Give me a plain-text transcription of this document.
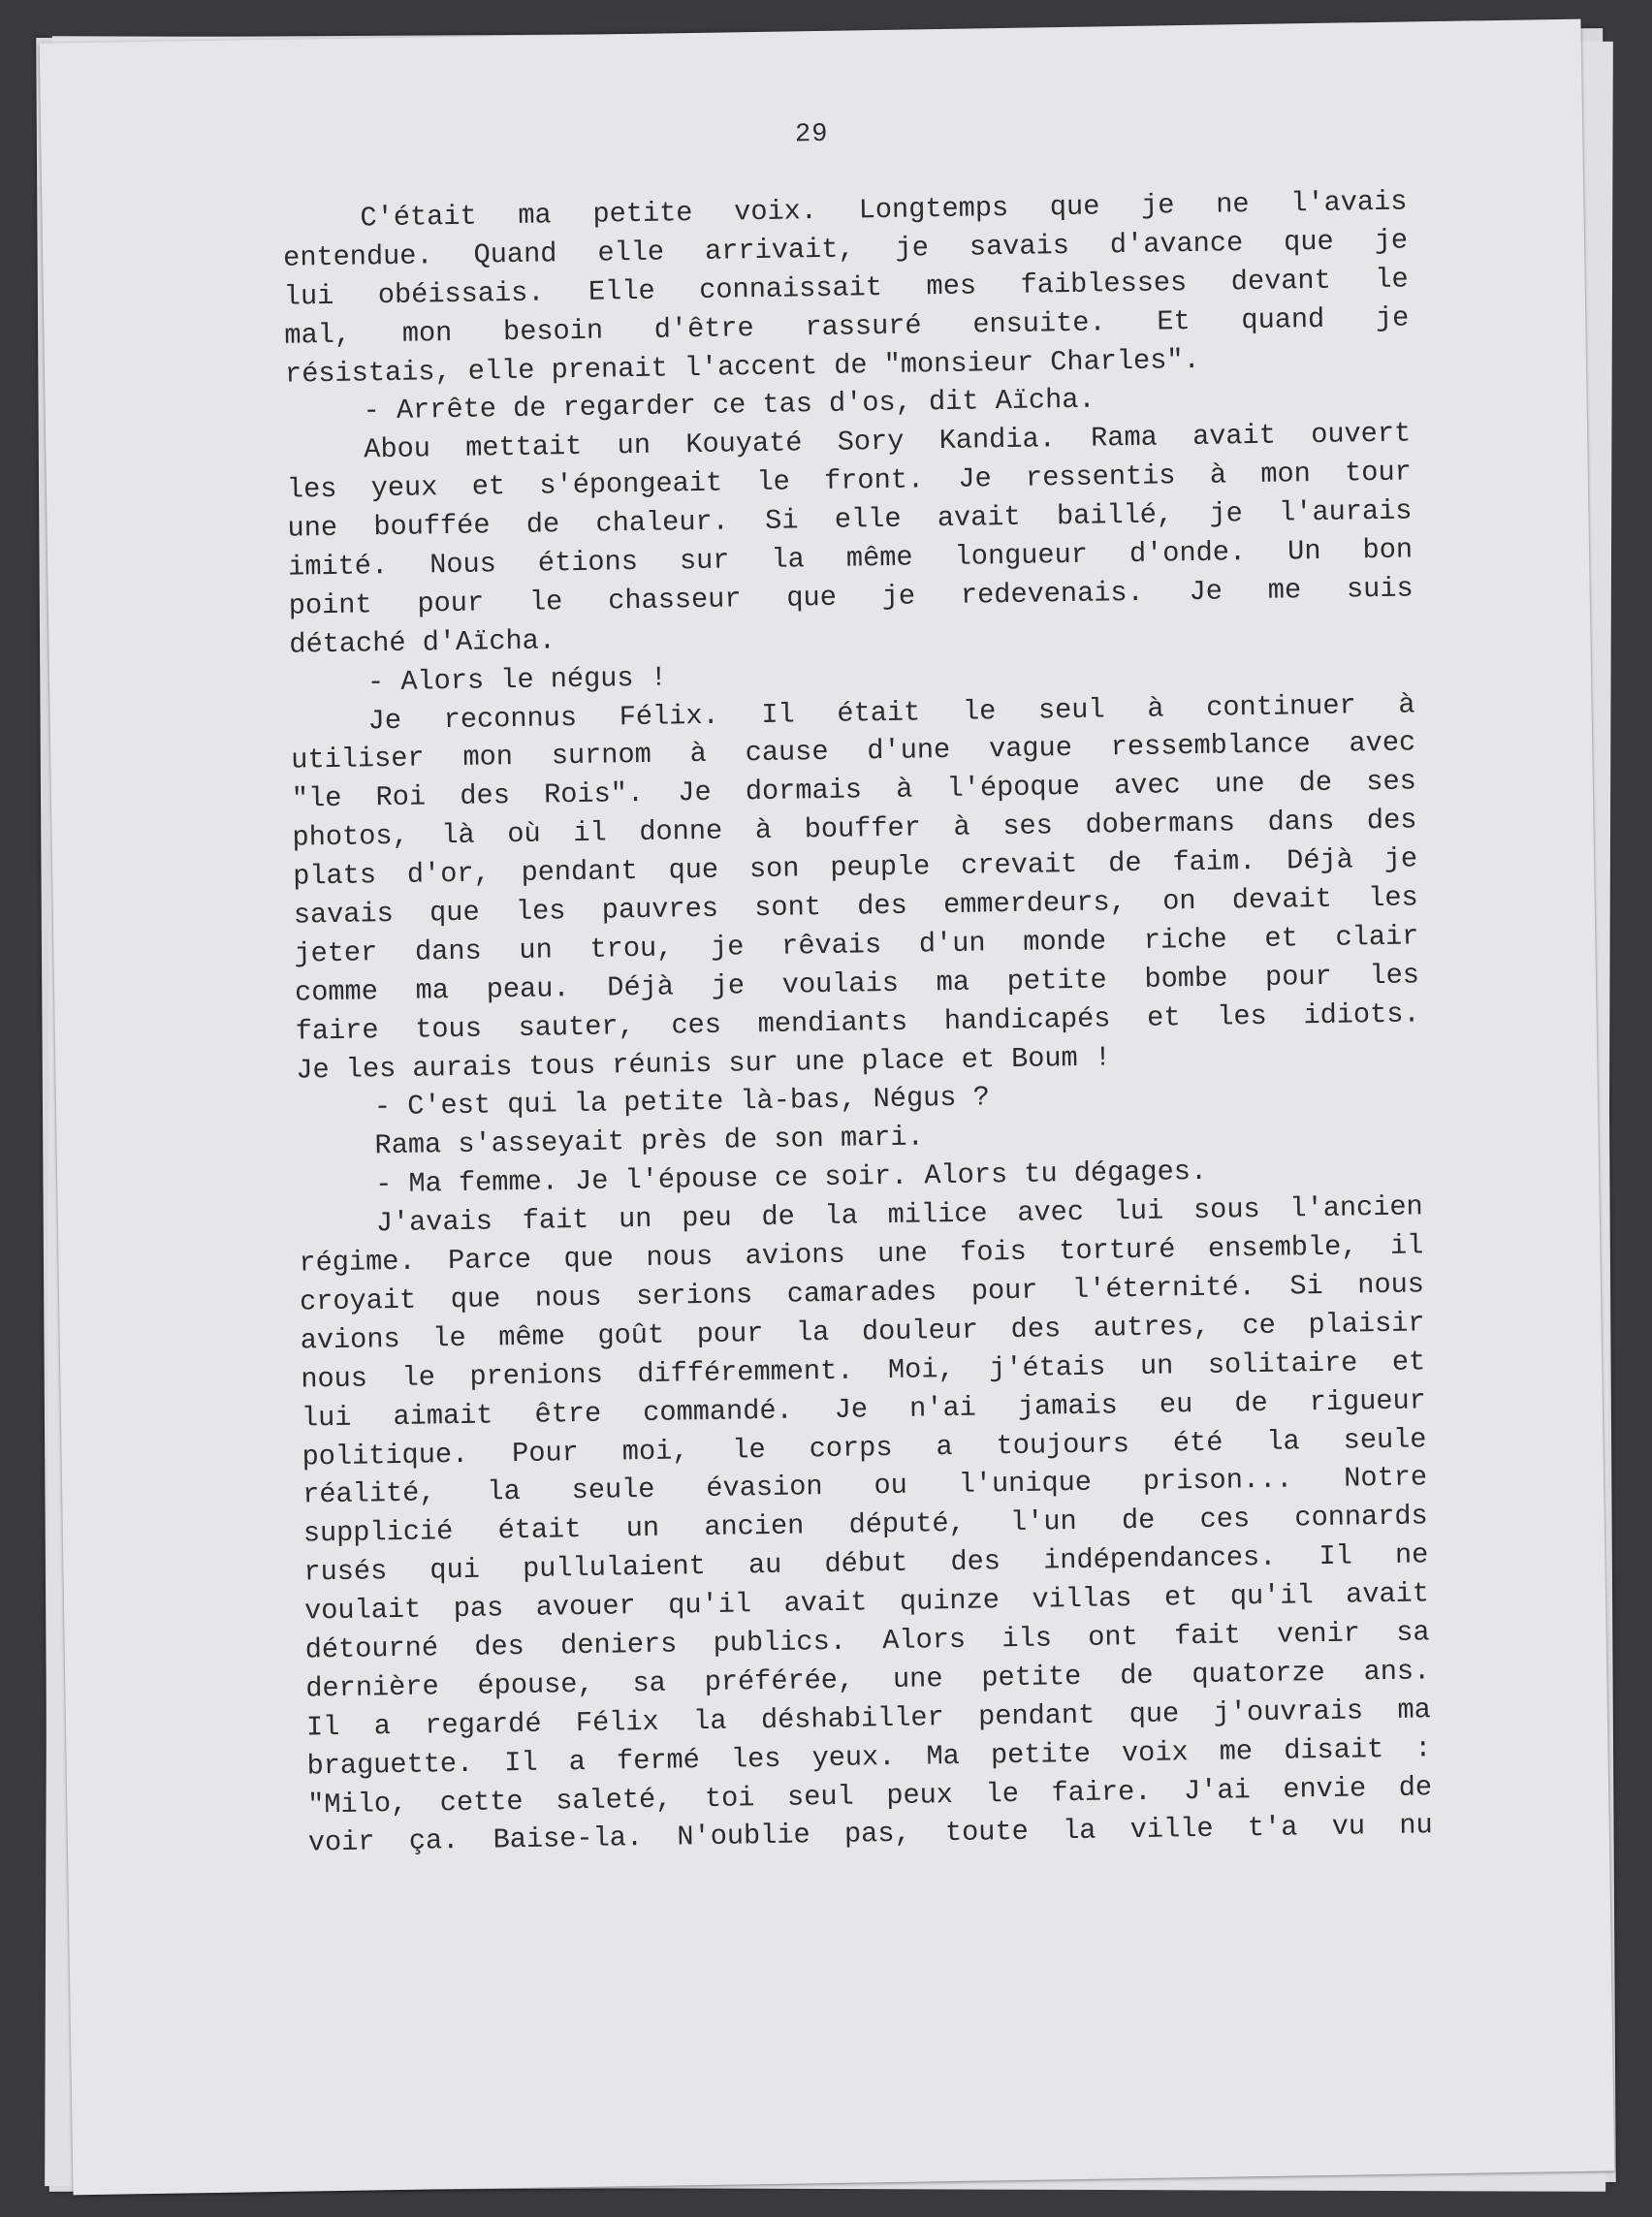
29
C'était ma petite voix. Longtemps que je ne l'avais
entendue. Quand elle arrivait, je savais d'avance que je
lui obéissais. Elle connaissait mes faiblesses devant le
mal, mon besoin d'être rassuré ensuite. Et quand je
résistais, elle prenait l'accent de "monsieur Charles".
- Arrête de regarder ce tas d'os, dit Aïcha.
Abou mettait un Kouyaté Sory Kandia. Rama avait ouvert
les yeux et s'épongeait le front. Je ressentis à mon tour
une bouffée de chaleur. Si elle avait baillé, je l'aurais
imité. Nous étions sur la même longueur d'onde. Un bon
point pour le chasseur que je redevenais. Je me suis
détaché d'Aïcha.
- Alors le négus !
Je reconnus Félix. Il était le seul à continuer à
utiliser mon surnom à cause d'une vague ressemblance avec
"le Roi des Rois". Je dormais à l'époque avec une de ses
photos, là où il donne à bouffer à ses dobermans dans des
plats d'or, pendant que son peuple crevait de faim. Déjà je
savais que les pauvres sont des emmerdeurs, on devait les
jeter dans un trou, je rêvais d'un monde riche et clair
comme ma peau. Déjà je voulais ma petite bombe pour les
faire tous sauter, ces mendiants handicapés et les idiots.
Je les aurais tous réunis sur une place et Boum !
- C'est qui la petite là-bas, Négus ?
Rama s'asseyait près de son mari.
- Ma femme. Je l'épouse ce soir. Alors tu dégages.
J'avais fait un peu de la milice avec lui sous l'ancien
régime. Parce que nous avions une fois torturé ensemble, il
croyait que nous serions camarades pour l'éternité. Si nous
avions le même goût pour la douleur des autres, ce plaisir
nous le prenions différemment. Moi, j'étais un solitaire et
lui aimait être commandé. Je n'ai jamais eu de rigueur
politique. Pour moi, le corps a toujours été la seule
réalité, la seule évasion ou l'unique prison... Notre
supplicié était un ancien député, l'un de ces connards
rusés qui pullulaient au début des indépendances. Il ne
voulait pas avouer qu'il avait quinze villas et qu'il avait
détourné des deniers publics. Alors ils ont fait venir sa
dernière épouse, sa préférée, une petite de quatorze ans.
Il a regardé Félix la déshabiller pendant que j'ouvrais ma
braguette. Il a fermé les yeux. Ma petite voix me disait :
"Milo, cette saleté, toi seul peux le faire. J'ai envie de
voir ça. Baise-la. N'oublie pas, toute la ville t'a vu nu
